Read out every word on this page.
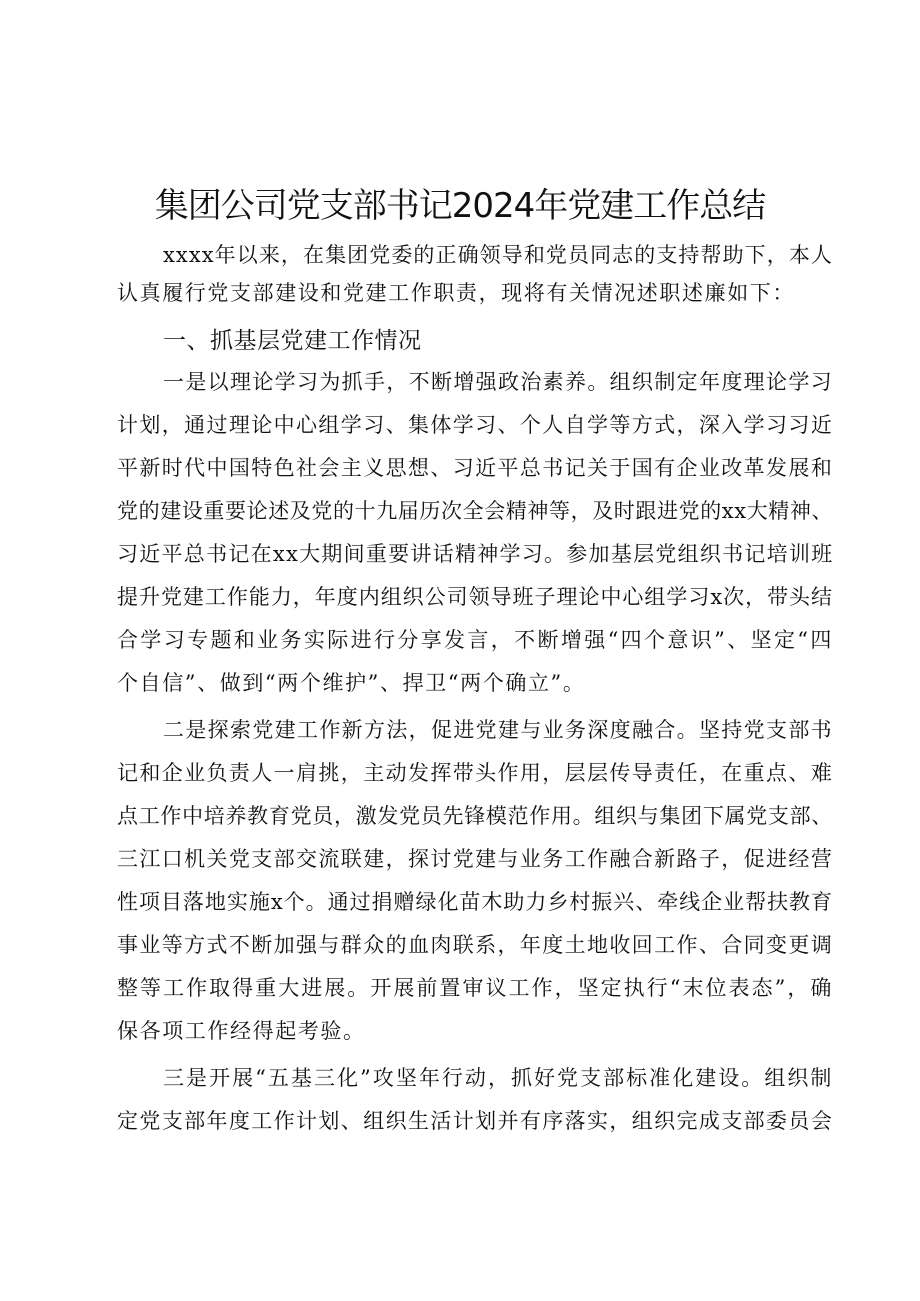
集团公司党支部书记2024年党建工作总结
xxxx年以来，在集团党委的正确领导和党员同志的支持帮助下，本人
认真履行党支部建设和党建工作职责，现将有关情况述职述廉如下：
一、抓基层党建工作情况
一是以理论学习为抓手，不断增强政治素养。组织制定年度理论学习
计划，通过理论中心组学习、集体学习、个人自学等方式，深入学习习近
平新时代中国特色社会主义思想、习近平总书记关于国有企业改革发展和
党的建设重要论述及党的十九届历次全会精神等，及时跟进党的xx大精神、
习近平总书记在xx大期间重要讲话精神学习。参加基层党组织书记培训班
提升党建工作能力，年度内组织公司领导班子理论中心组学习x次，带头结
合学习专题和业务实际进行分享发言，不断增强“四个意识”、坚定“四
个自信”、做到“两个维护”、捍卫“两个确立”。
二是探索党建工作新方法，促进党建与业务深度融合。坚持党支部书
记和企业负责人一肩挑，主动发挥带头作用，层层传导责任，在重点、难
点工作中培养教育党员，激发党员先锋模范作用。组织与集团下属党支部、
三江口机关党支部交流联建，探讨党建与业务工作融合新路子，促进经营
性项目落地实施x个。通过捐赠绿化苗木助力乡村振兴、牵线企业帮扶教育
事业等方式不断加强与群众的血肉联系，年度土地收回工作、合同变更调
整等工作取得重大进展。开展前置审议工作，坚定执行“末位表态”，确
保各项工作经得起考验。
三是开展“五基三化”攻坚年行动，抓好党支部标准化建设。组织制
定党支部年度工作计划、组织生活计划并有序落实，组织完成支部委员会
